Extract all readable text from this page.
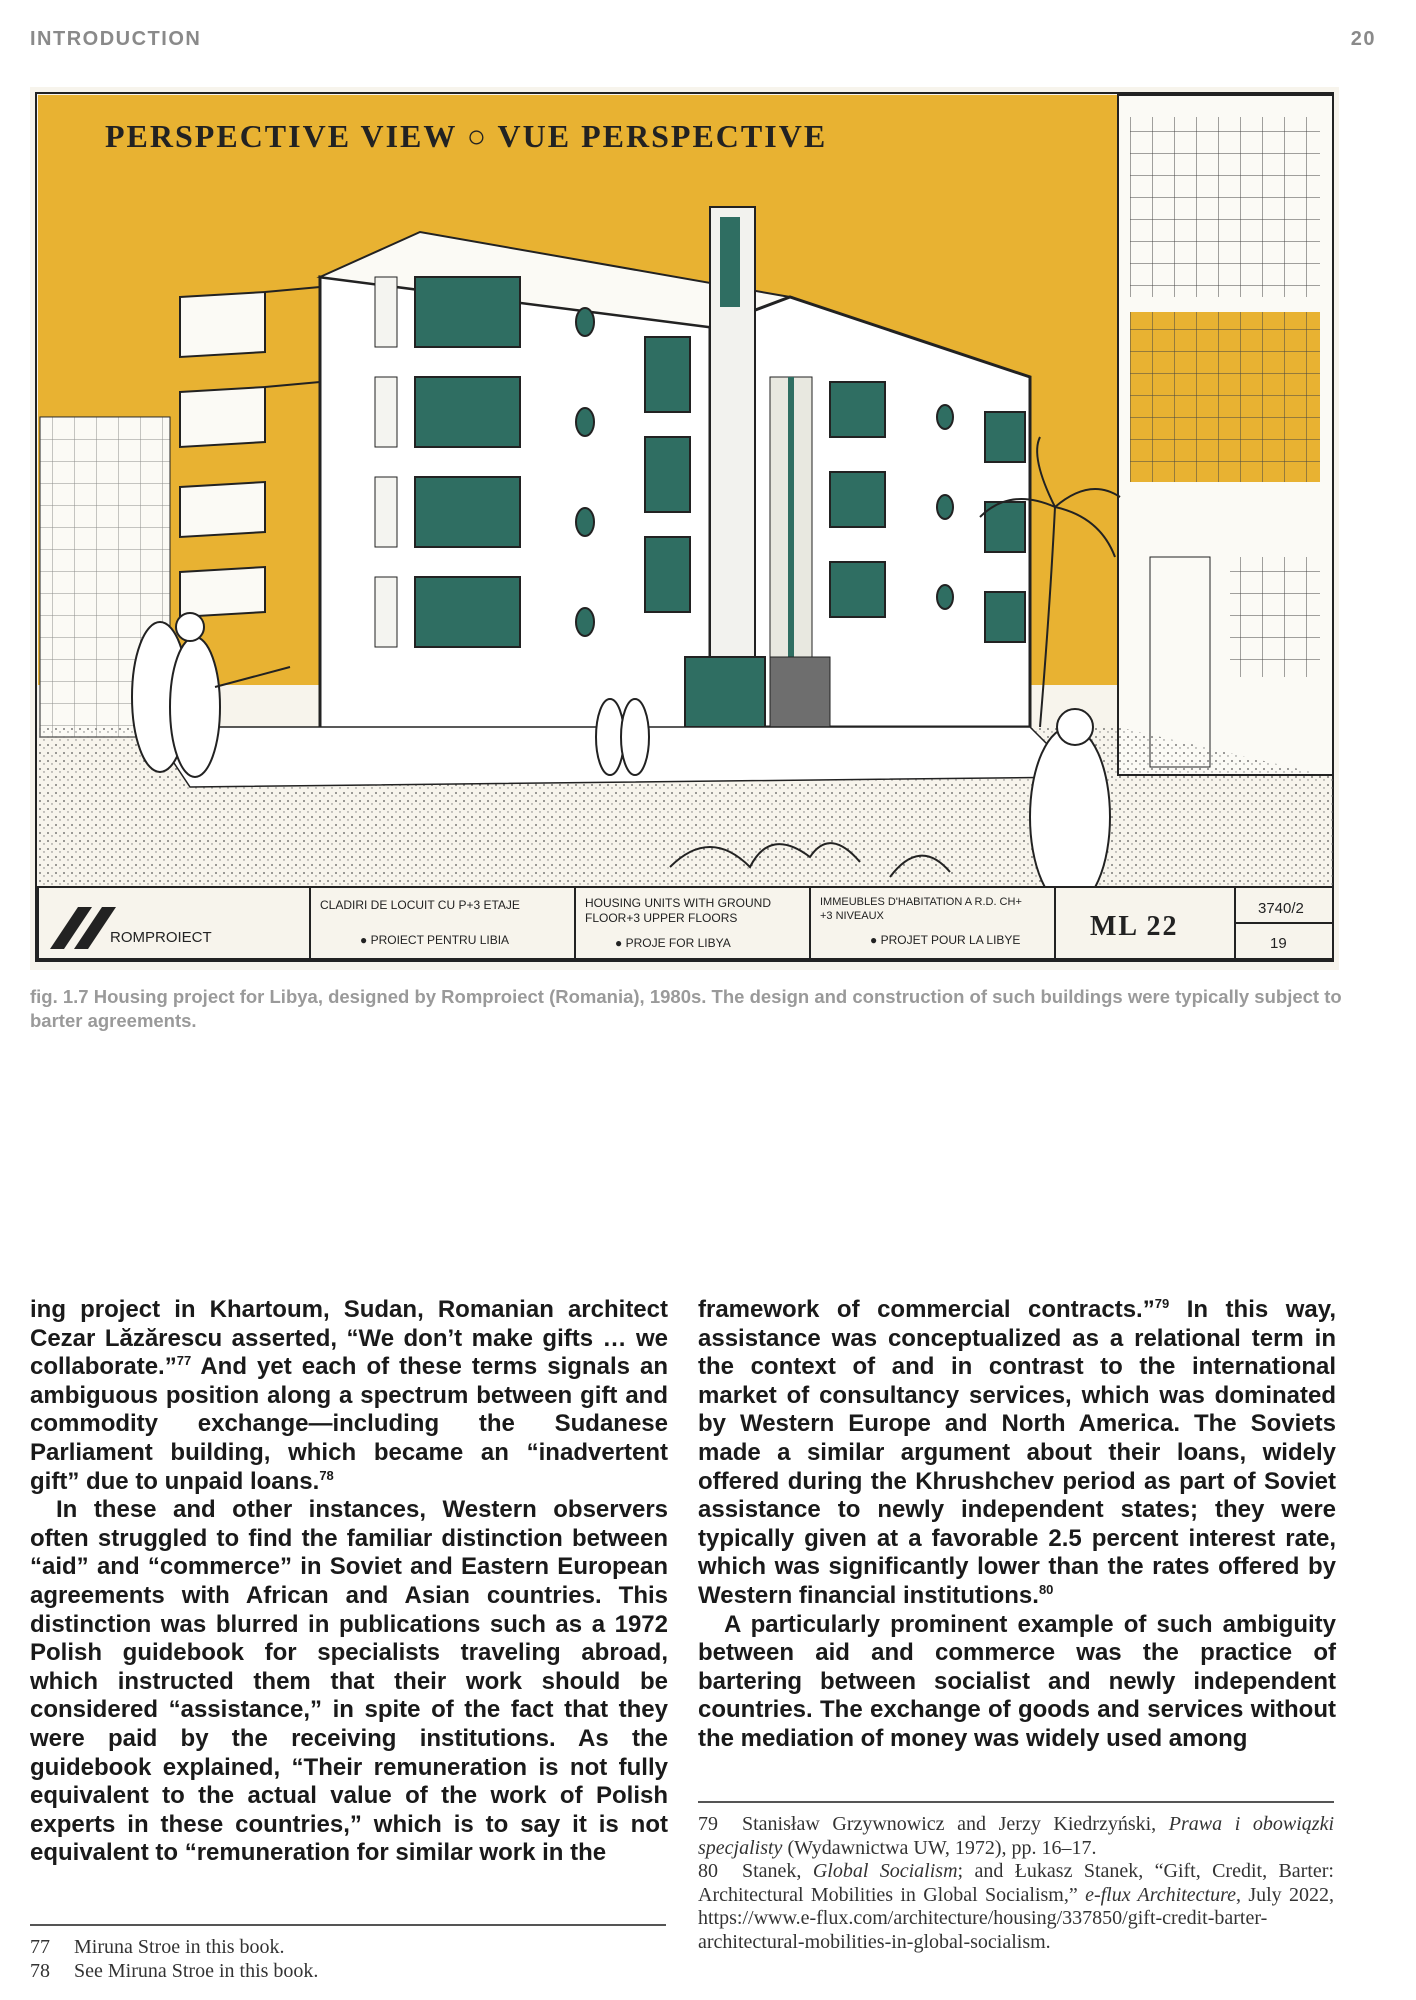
INTRODUCTION	20
PERSPECTIVE VIEW ○ VUE PERSPECTIVE
ROMPROIECT
CLADIRI DE LOCUIT CU P+3 ETAJE
● PROIECT PENTRU LIBIA
HOUSING UNITS WITH GROUND
FLOOR+3 UPPER FLOORS
● PROJE FOR LIBYA
IMMEUBLES D'HABITATION A R.D. CH+
+3 NIVEAUX
● PROJET POUR LA LIBYE ML 22
3740/2
19
fig. 1.7 Housing project for Libya, designed by Romproiect (Romania), 1980s. The design and construction of such buildings were typically subject to barter agreements.

ing project in Khartoum, Sudan, Romanian architect Cezar Lăzărescu asserted, “We don’t make gifts … we collaborate.”$^{77}$ And yet each of these terms signals an ambiguous position along a spectrum between gift and commodity exchange—including the Sudanese Parliament building, which became an “inadvertent gift” due to unpaid loans.$^{78}$

In these and other instances, Western observers often struggled to find the familiar distinction between “aid” and “commerce” in Soviet and Eastern European agreements with African and Asian countries. This distinction was blurred in publications such as a 1972 Polish guidebook for specialists traveling abroad, which instructed them that their work should be considered “assistance,” in spite of the fact that they were paid by the receiving institutions. As the guidebook explained, “Their remuneration is not fully equivalent to the actual value of the work of Polish experts in these countries,” which is to say it is not equivalent to “remuneration for similar work in the

framework of commercial contracts.”$^{79}$ In this way, assistance was conceptualized as a relational term in the context of and in contrast to the international market of consultancy services, which was dominated by Western Europe and North America. The Soviets made a similar argument about their loans, widely offered during the Khrushchev period as part of Soviet assistance to newly independent states; they were typically given at a favorable 2.5 percent interest rate, which was significantly lower than the rates offered by Western financial institutions.$^{80}$

A particularly prominent example of such ambiguity between aid and commerce was the practice of bartering between socialist and newly independent countries. The exchange of goods and services without the mediation of money was widely used among

79 Stanisław Grzywnowicz and Jerzy Kiedrzyński, Prawa i obowiązki specjalisty (Wydawnictwa UW, 1972), pp. 16–17.

80 Stanek, Global Socialism; and Łukasz Stanek, “Gift, Credit, Barter: Architectural Mobilities in Global Socialism,” e-flux Architecture, July 2022, https://www.e-flux.com/architecture/housing/337850/gift-credit-barter-architectural-mobilities-in-global-socialism.

77 Miruna Stroe in this book.

78 See Miruna Stroe in this book.
